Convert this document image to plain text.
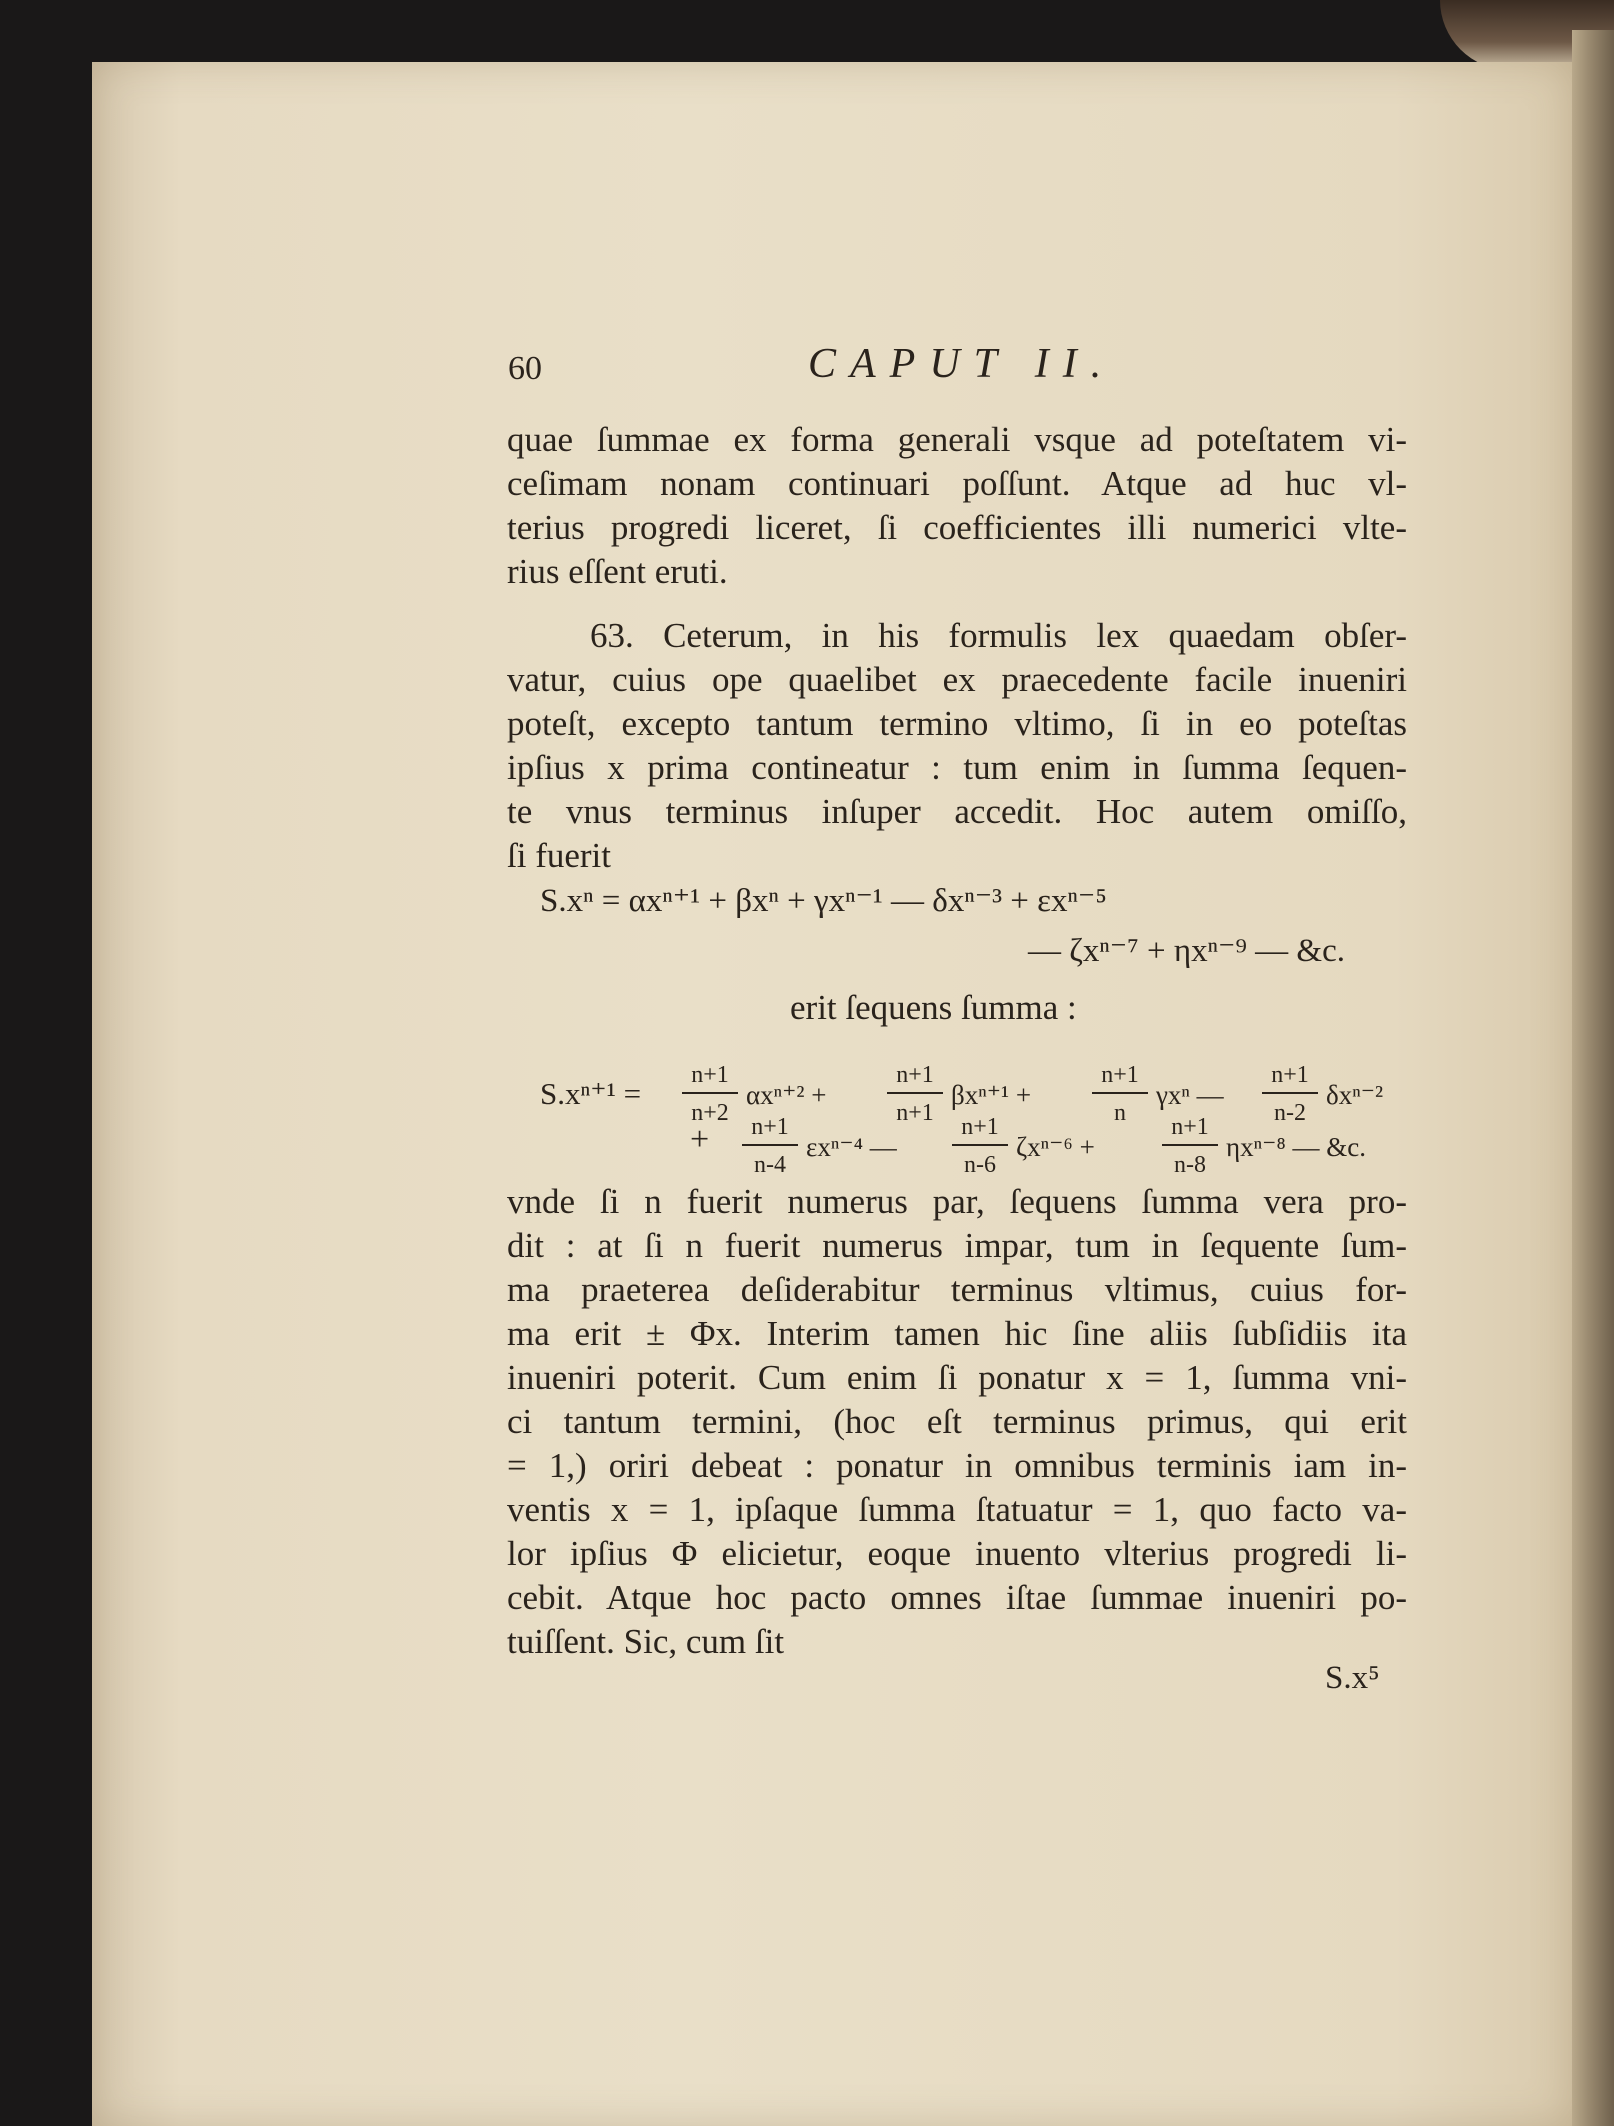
60	CAPUT II.
quae ſummae ex forma generali vsque ad poteſtatem vi-
ceſimam nonam continuari poſſunt. Atque ad huc vl-
terius progredi liceret, ſi coefficientes illi numerici vlte-
rius eſſent eruti.
63. Ceterum, in his formulis lex quaedam obſer-
vatur, cuius ope quaelibet ex praecedente facile inueniri
poteſt, excepto tantum termino vltimo, ſi in eo poteſtas
ipſius x prima contineatur : tum enim in ſumma ſequen-
te vnus terminus inſuper accedit. Hoc autem omiſſo,
ſi fuerit
S.xⁿ = αxⁿ⁺¹ + βxⁿ + γxⁿ⁻¹ — δxⁿ⁻³ + εxⁿ⁻⁵
— ζxⁿ⁻⁷ + ηxⁿ⁻⁹ — &c.
erit ſequens ſumma :
S.xⁿ⁺¹ =
n+1
n+2
αxⁿ⁺² +
n+1
n+1
βxⁿ⁺¹ +
n+1
n
γxⁿ —
n+1
n-2
δxⁿ⁻²
+ n+1
n-4
εxⁿ⁻⁴ —
n+1
n-6
ζxⁿ⁻⁶ +
n+1
n-8
ηxⁿ⁻⁸ — &c.
vnde ſi n fuerit numerus par, ſequens ſumma vera pro-
dit : at ſi n fuerit numerus impar, tum in ſequente ſum-
ma praeterea deſiderabitur terminus vltimus, cuius for-
ma erit ± Φx. Interim tamen hic ſine aliis ſubſidiis ita
inueniri poterit. Cum enim ſi ponatur x = 1, ſumma vni-
ci tantum termini, (hoc eſt terminus primus, qui erit
= 1,) oriri debeat : ponatur in omnibus terminis iam in-
ventis x = 1, ipſaque ſumma ſtatuatur = 1, quo facto va-
lor ipſius Φ elicietur, eoque inuento vlterius progredi li-
cebit. Atque hoc pacto omnes iſtae ſummae inueniri po-
tuiſſent. Sic, cum ſit
S.x⁵
